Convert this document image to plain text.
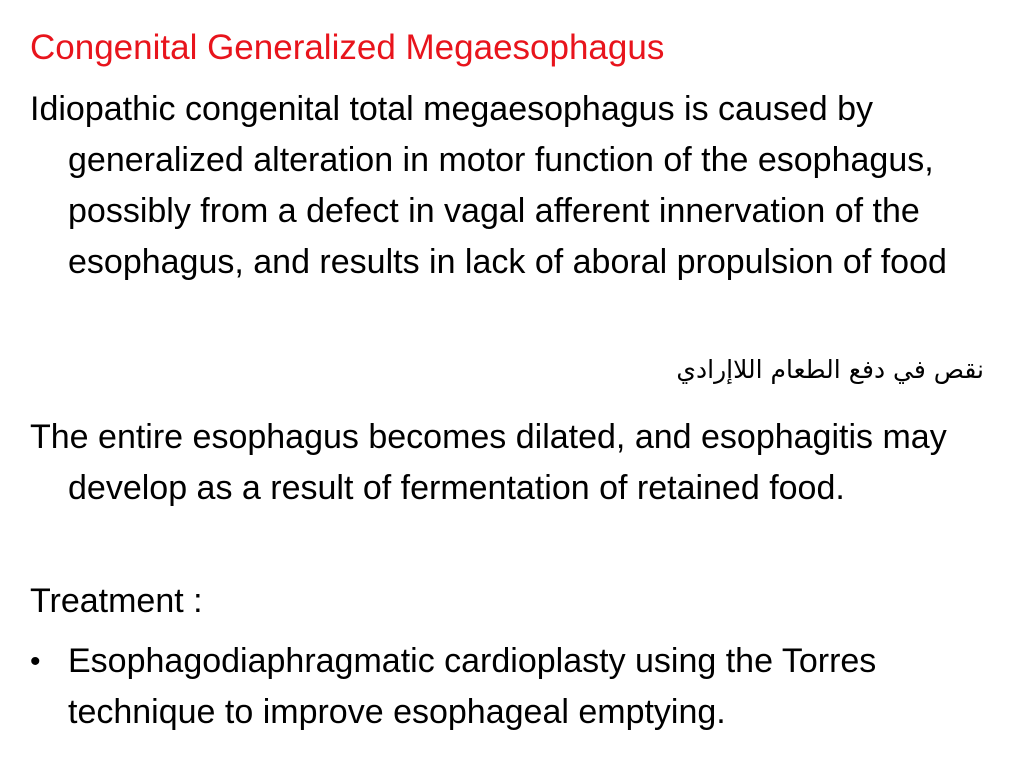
Congenital Generalized Megaesophagus
Idiopathic congenital total megaesophagus is caused by generalized alteration in motor function of the esophagus, possibly from a defect in vagal afferent innervation of the esophagus, and results in lack of aboral propulsion of food
نقص في دفع الطعام اللاإرادي
The entire esophagus becomes dilated, and esophagitis may develop as a result of fermentation of retained food.
Treatment :
• Esophagodiaphragmatic cardioplasty using the Torres technique to improve esophageal emptying.
